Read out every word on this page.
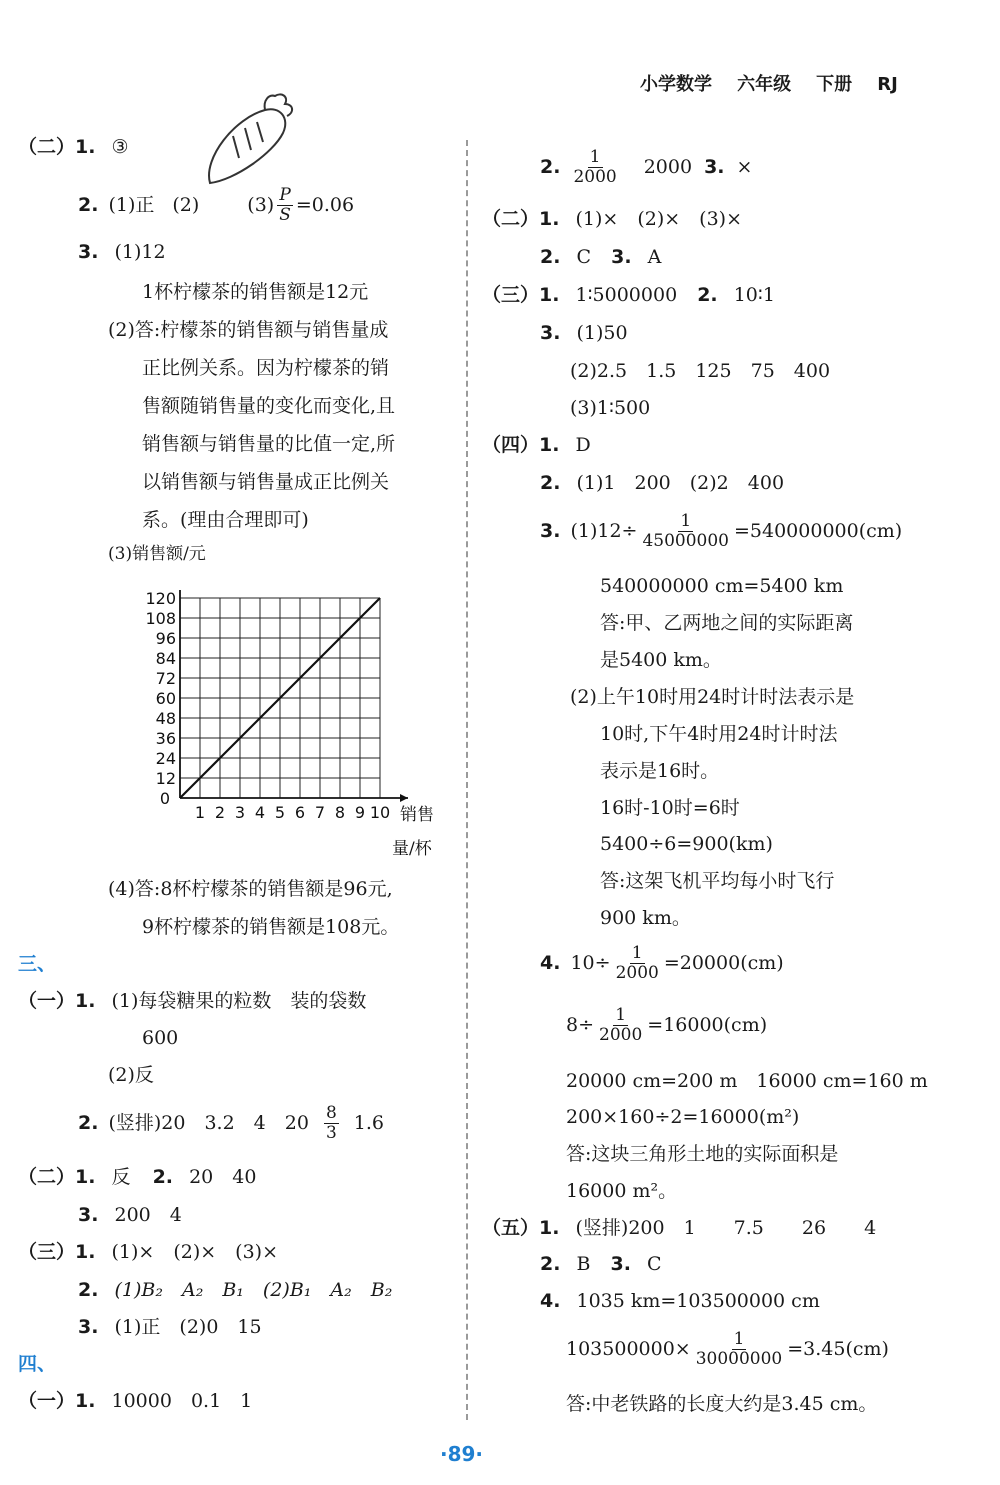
小学数学 六年级 下册 RJ
（二）1. ③
2. (1)正 (2)	$(3) \frac{P}{S} =0.06$
3. (1)12
1杯柠檬茶的销售额是12元
(2)答:柠檬茶的销售额与销售量成
正比例关系。因为柠檬茶的销
售额随销售量的变化而变化,且
销售额与销售量的比值一定,所
以销售额与销售量成正比例关
系。(理由合理即可)
(3)销售额/元
12
24
36
48
60
72
84
96
108
120
0
1 2 3 4 5 6 7 8 9 10 销售
量/杯
(4)答:8杯柠檬茶的销售额是96元,
9杯柠檬茶的销售额是108元。
三、
（一）1. (1)每袋糖果的粒数　装的袋数
600
(2)反
2. (竖排)20　3.2　4　$20 \frac{8}{3} 1.6$
（二）1. 反 2. 20　40
3. 200　4
（三）1. (1)×　(2)×　(3)×
2. (1)B₂　A₂　B₁　(2)B₁　A₂　B₂
3. (1)正　(2)0　15
四、
（一）1. 10000　0.1　1
2. $\frac{1}{2000} 2000$ 3. ×
（二）1. (1)×　(2)×　(3)×
2. C 3. A
（三）1. 1∶5000000 2. 10∶1
3. (1)50
(2)2.5　1.5　125　75　400
(3)1∶500
（四）1. D
2. (1)1　200　(2)2　400
3. $(1)12\div \frac{1}{45000000} =540000000(cm)$
540000000 cm=5400 km
答:甲、乙两地之间的实际距离
是5400 km。
(2)上午10时用24时计时法表示是
10时,下午4时用24时计时法
表示是16时。
16时-10时=6时
5400÷6=900(km)
答:这架飞机平均每小时飞行
900 km。
4. $10\div \frac{1}{2000} =20000(cm)$
$8\div \frac{1}{2000} =16000(cm)$
20000 cm=200 m　16000 cm=160 m
200×160÷2=16000(m²)
答:这块三角形土地的实际面积是
16000 m²。
（五）1. (竖排)200　1　　7.5　　26　　4
2. B 3. C
4. 1035 km=103500000 cm
$103500000\times \frac{1}{30000000} =3.45(cm)$
答:中老铁路的长度大约是3.45 cm。
·89·
